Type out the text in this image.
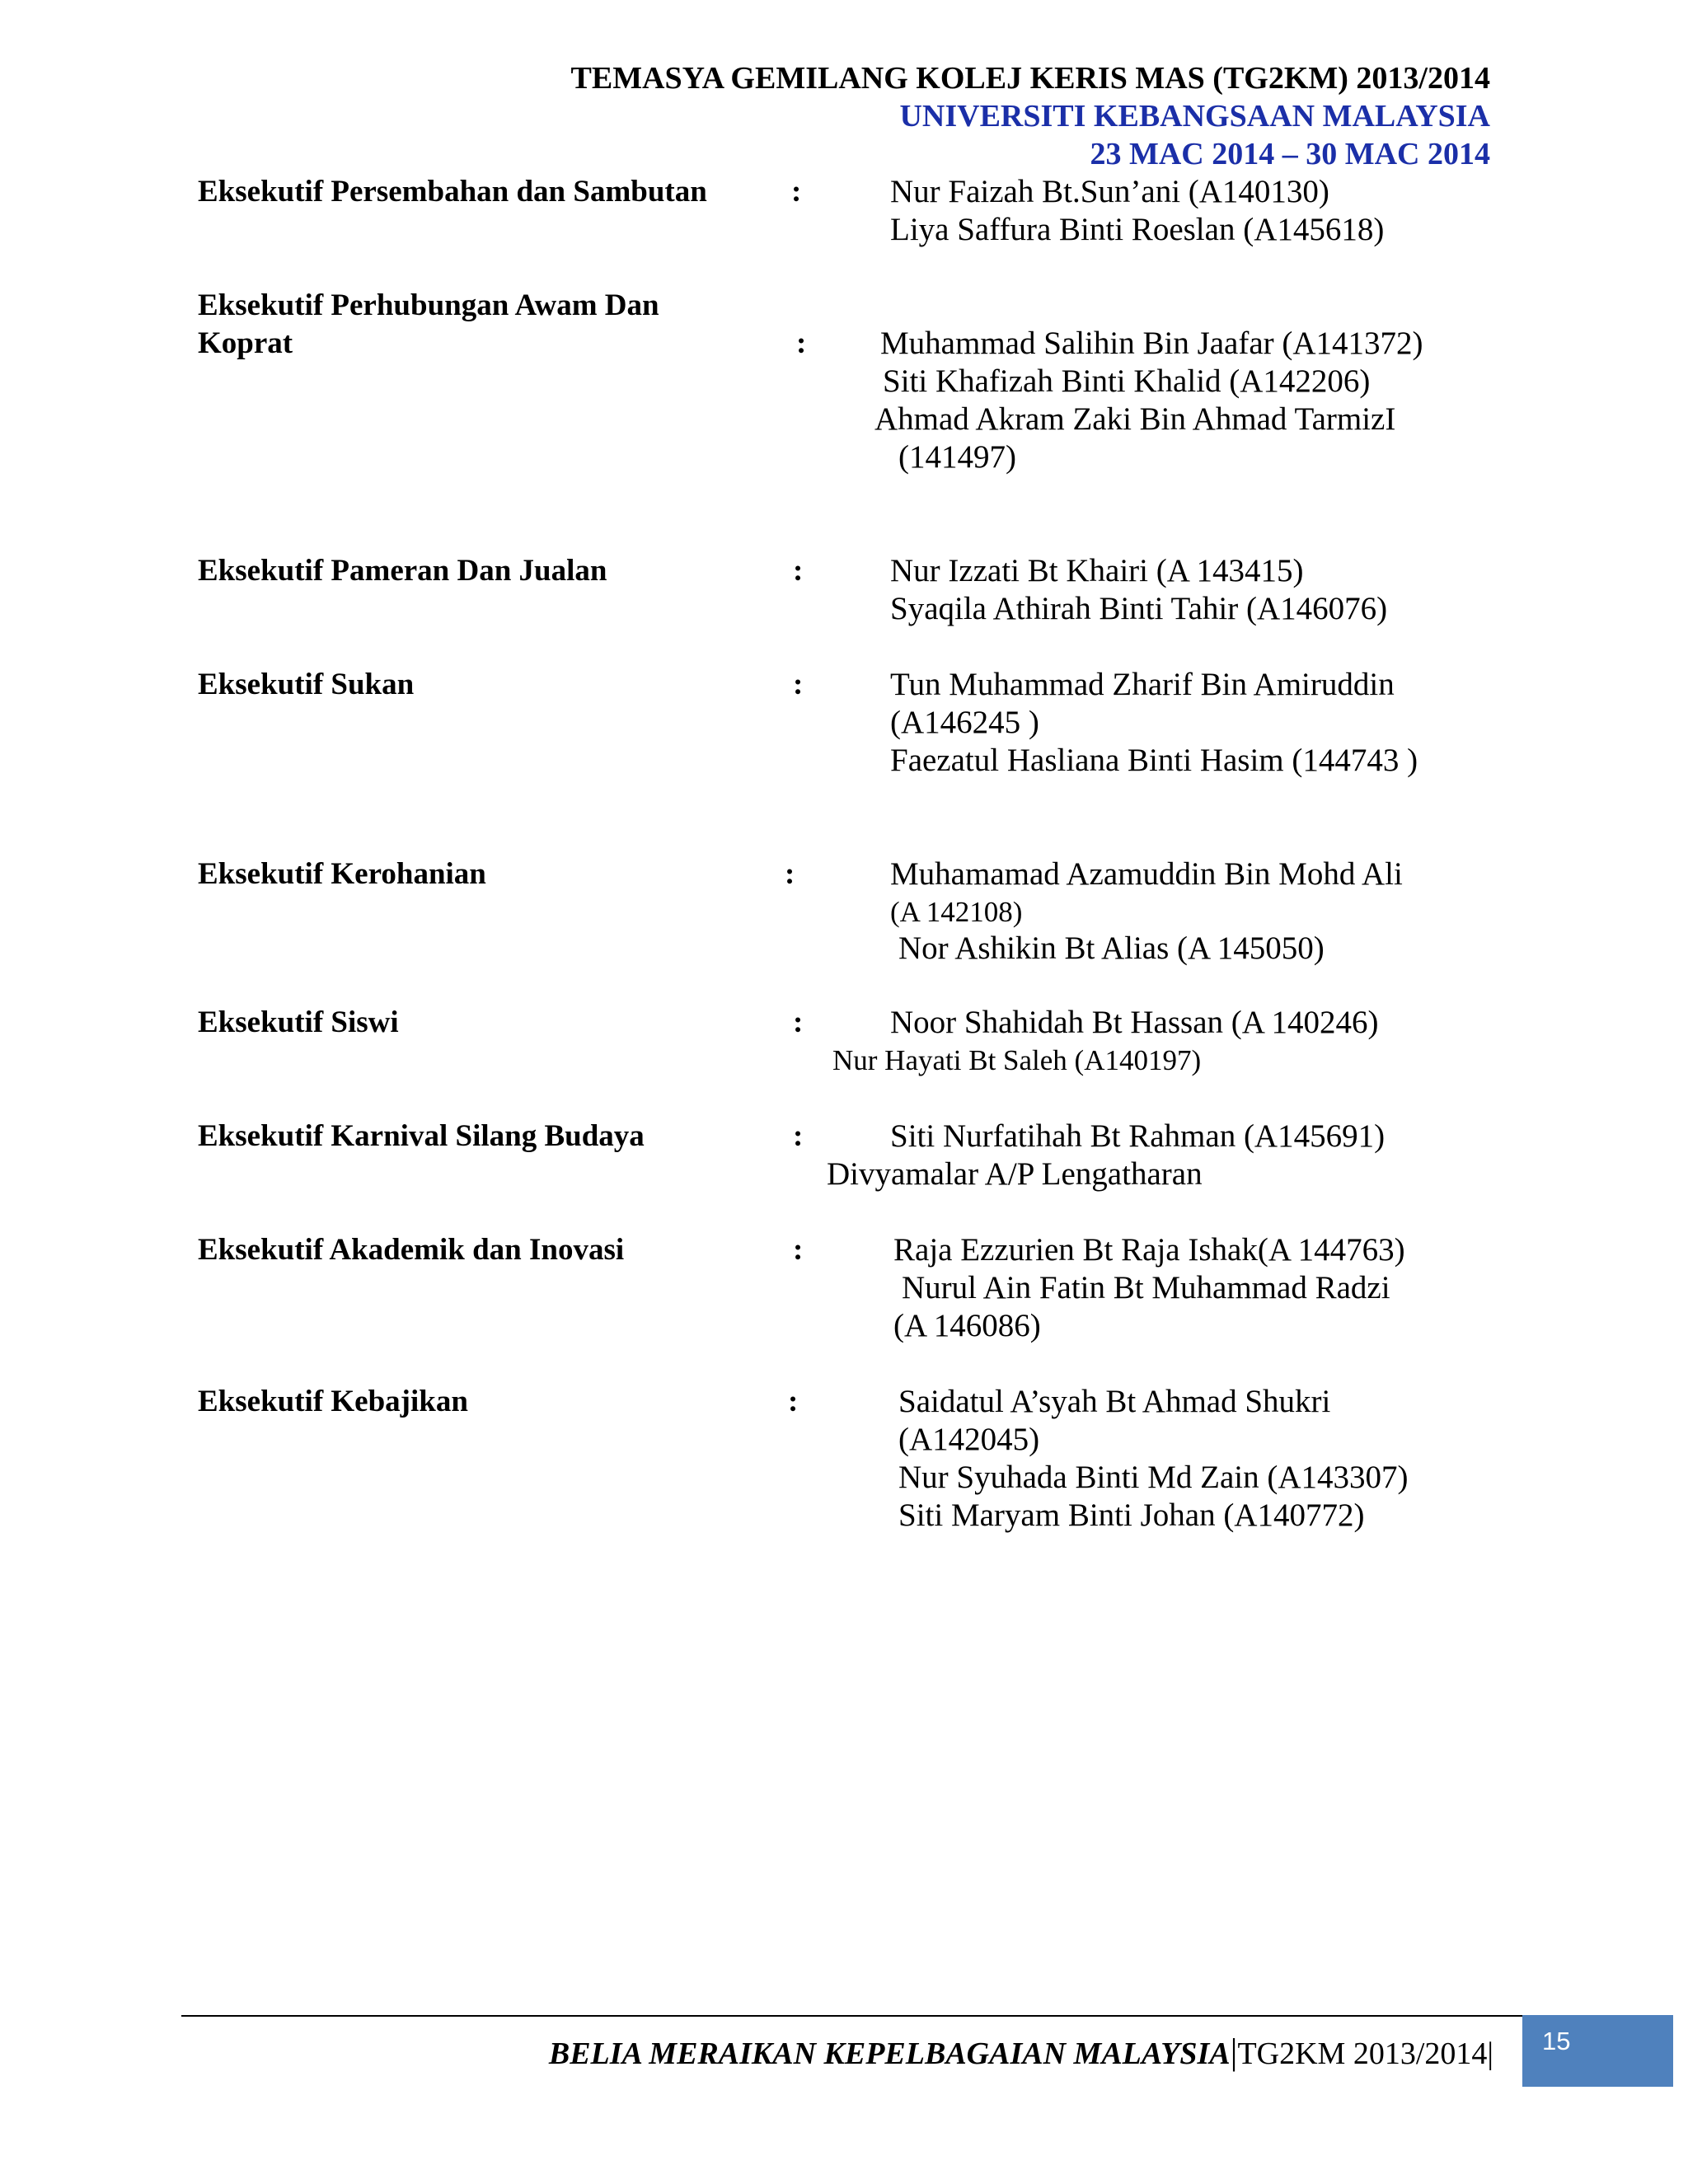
TEMASYA GEMILANG KOLEJ KERIS MAS (TG2KM) 2013/2014
UNIVERSITI KEBANGSAAN MALAYSIA
23 MAC 2014 – 30 MAC 2014
Eksekutif Persembahan dan Sambutan	:	Nur Faizah Bt.Sun’ani (A140130)
Liya Saffura Binti Roeslan (A145618)
Eksekutif Perhubungan Awam Dan
Koprat	: Muhammad Salihin Bin Jaafar (A141372)
Siti Khafizah Binti Khalid (A142206)
Ahmad Akram Zaki Bin Ahmad TarmizI
(141497)
Eksekutif Pameran Dan Jualan	:	Nur Izzati Bt Khairi (A 143415)
Syaqila Athirah Binti Tahir (A146076)
Eksekutif Sukan	:	Tun Muhammad Zharif Bin Amiruddin
(A146245 )
Faezatul Hasliana Binti Hasim (144743 )
Eksekutif Kerohanian	:	Muhamamad Azamuddin Bin Mohd Ali
(A 142108)
Nor Ashikin Bt Alias (A 145050)
Eksekutif Siswi	:	Noor Shahidah Bt Hassan (A 140246)
Nur Hayati Bt Saleh (A140197)
Eksekutif Karnival Silang Budaya	:	Siti Nurfatihah Bt Rahman (A145691)
Divyamalar A/P Lengatharan
Eksekutif Akademik dan Inovasi	:	Raja Ezzurien Bt Raja Ishak(A 144763)
Nurul Ain Fatin Bt Muhammad Radzi
(A 146086)
Eksekutif Kebajikan	:	Saidatul A’syah Bt Ahmad Shukri
(A142045)
Nur Syuhada Binti Md Zain (A143307)
Siti Maryam Binti Johan (A140772)
BELIA MERAIKAN KEPELBAGAIAN MALAYSIA|TG2KM 2013/2014| 15
